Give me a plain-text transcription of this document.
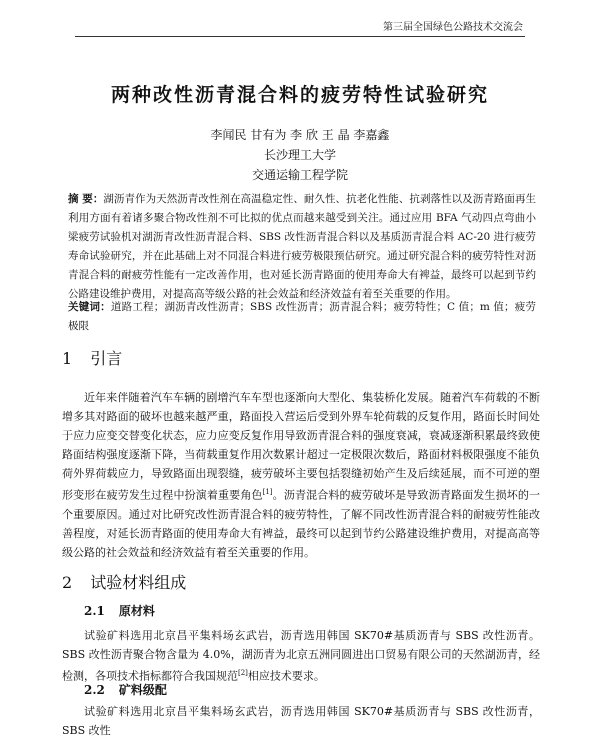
第三届全国绿色公路技术交流会
两种改性沥青混合料的疲劳特性试验研究
李闻民 甘有为 李 欣 王 晶 李嘉鑫
长沙理工大学
交通运输工程学院

摘 要：湖沥青作为天然沥青改性剂在高温稳定性、耐久性、抗老化性能、抗剥落性以及沥青路面再生利用方面有着诸多聚合物改性剂不可比拟的优点而越来越受到关注。通过应用 BFA 气动四点弯曲小梁疲劳试验机对湖沥青改性沥青混合料、SBS 改性沥青混合料以及基质沥青混合料 AC-20 进行疲劳寿命试验研究，并在此基础上对不同混合料进行疲劳极限预估研究。通过研究混合料的疲劳特性对沥青混合料的耐疲劳性能有一定改善作用，也对延长沥青路面的使用寿命大有裨益，最终可以起到节约公路建设维护费用，对提高高等级公路的社会效益和经济效益有着至关重要的作用。

关键词：道路工程；湖沥青改性沥青；SBS 改性沥青；沥青混合料；疲劳特性；C 值；m 值；疲劳极限

1 引言

近年来伴随着汽车车辆的剧增汽车车型也逐渐向大型化、集装桥化发展。随着汽车荷载的不断增多其对路面的破坏也越来越严重，路面投入营运后受到外界车轮荷载的反复作用，路面长时间处于应力应变交替变化状态，应力应变反复作用导致沥青混合料的强度衰减，衰减逐渐积累最终致使路面结构强度逐渐下降，当荷载重复作用次数累计超过一定极限次数后，路面材料极限强度不能负荷外界荷载应力，导致路面出现裂缝，疲劳破坏主要包括裂缝初始产生及后续延展，而不可逆的塑形变形在疲劳发生过程中扮演着重要角色[1]。沥青混合料的疲劳破坏是导致沥青路面发生损坏的一个重要原因。通过对比研究改性沥青混合料的疲劳特性，了解不同改性沥青混合料的耐疲劳性能改善程度，对延长沥青路面的使用寿命大有裨益，最终可以起到节约公路建设维护费用，对提高高等级公路的社会效益和经济效益有着至关重要的作用。

2 试验材料组成
2.1 原材料

试验矿料选用北京昌平集料场玄武岩，沥青选用韩国 SK70#基质沥青与 SBS 改性沥青。SBS 改性沥青聚合物含量为 4.0%，湖沥青为北京五洲同圆进出口贸易有限公司的天然湖沥青，经检测，各项技术指标都符合我国规范[2]相应技术要求。

2.2 矿料级配

试验矿料选用北京昌平集料场玄武岩，沥青选用韩国 SK70#基质沥青与 SBS 改性沥青，SBS 改性
